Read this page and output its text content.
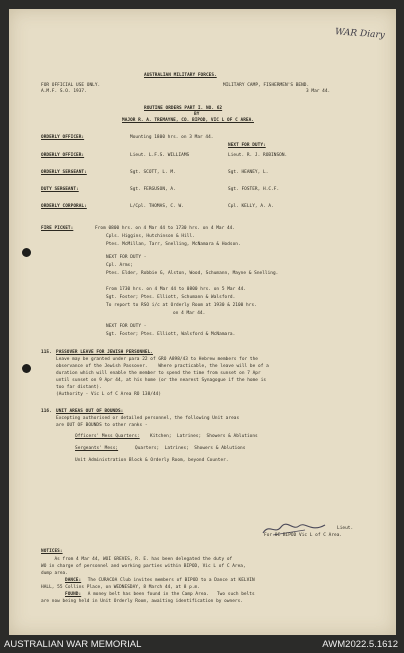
WAR Diary
AUSTRALIAN MILITARY FORCES.
FOR OFFICIAL USE ONLY.
A.M.F. S.O. 1937.
MILITARY CAMP, FISHERMEN'S BEND.
3 Mar 44.
ROUTINE ORDERS PART I. NO. 62
BY
MAJOR R. A. TREMAYNE, CO. BIPOD, VIC L OF C AREA.
ORDERLY OFFICER:	Mounting 1800 hrs. on 3 Mar 44.
NEXT FOR DUTY:
ORDERLY OFFICER:	Lieut. L.F.S. WILLIAMS	Lieut. R. J. ROBINSON.
ORDERLY SERGEANT:	Sgt. SCOTT, L. M.	Sgt. HEANEY, L.
DUTY SERGEANT:	Sgt. FERGUSON, A.	Sgt. FOSTER, H.C.F.
ORDERLY CORPORAL:	L/Cpl. THOMAS, C. W.	Cpl. KELLY, A. A.
FIRE PICKET:	From 0800 hrs. on 4 Mar 44 to 1730 hrs. on 4 Mar 44.
Cpls. Higgins, Hutchinson & Hill.
Ptes. McMillan, Tarr, Snelling, McNamara & Hodson.
NEXT FOR DUTY -
Cpl. Arms;
Ptes. Elder, Robbie G, Alston, Wood, Schumann, Mayne & Snelling.
From 1730 hrs. on 4 Mar 44 to 0800 hrs. on 5 Mar 44.
Sgt. Foster; Ptes. Elliott, Schumann & Walsford.
To report to RSO i/c at Orderly Room at 1930 & 2100 hrs.
on 4 Mar 44.
NEXT FOR DUTY -
Sgt. Foster; Ptes. Elliott, Walsford & McNamara.
115. PASSOVER LEAVE FOR JEWISH PERSONNEL.
Leave may be granted under para 22 of GRO A898/43 to Hebrew members for the
observance of the Jewish Passover.    Where practicable, the leave will be of a
duration which will enable the member to spend the time from sunset on 7 Apr
until sunset on 9 Apr 44, at his home (or the nearest Synagogue if the home is
too far distant).
(Authority - Vic L of C Area RO 138/44)
116. UNIT AREAS OUT OF BOUNDS:
Excepting authorised or detailed personnel, the following Unit areas
are OUT OF BOUNDS to other ranks -
Officers' Mess Quarters: Kitchen;  Latrines;  Showers & Ablutions
Sergeants' Mess;	Quarters;  Latrines;  Showers & Ablutions
Unit Administration Block & Orderly Room, beyond Counter.
Lieut.
For OC BIPOD Vic L of C Area.
NOTICES:
As from 4 Mar 44, WOI GREVES, R. E. has been delegated the duty of
WO in charge of personnel and working parties within BIPOD, Vic L of C Area,
dump area.
DANCE: The CURACOA Club invites members of BIPOD to a Dance at KELVIN
HALL, 55 Collins Place, on WEDNESDAY, 8 March 44, at 8 p.m.
FOUND: A money belt has been found in the Camp Area.   Two such belts
are now being held in Unit Orderly Room, awaiting identification by owners.
AUSTRALIAN WAR MEMORIAL	AWM2022.5.1612
